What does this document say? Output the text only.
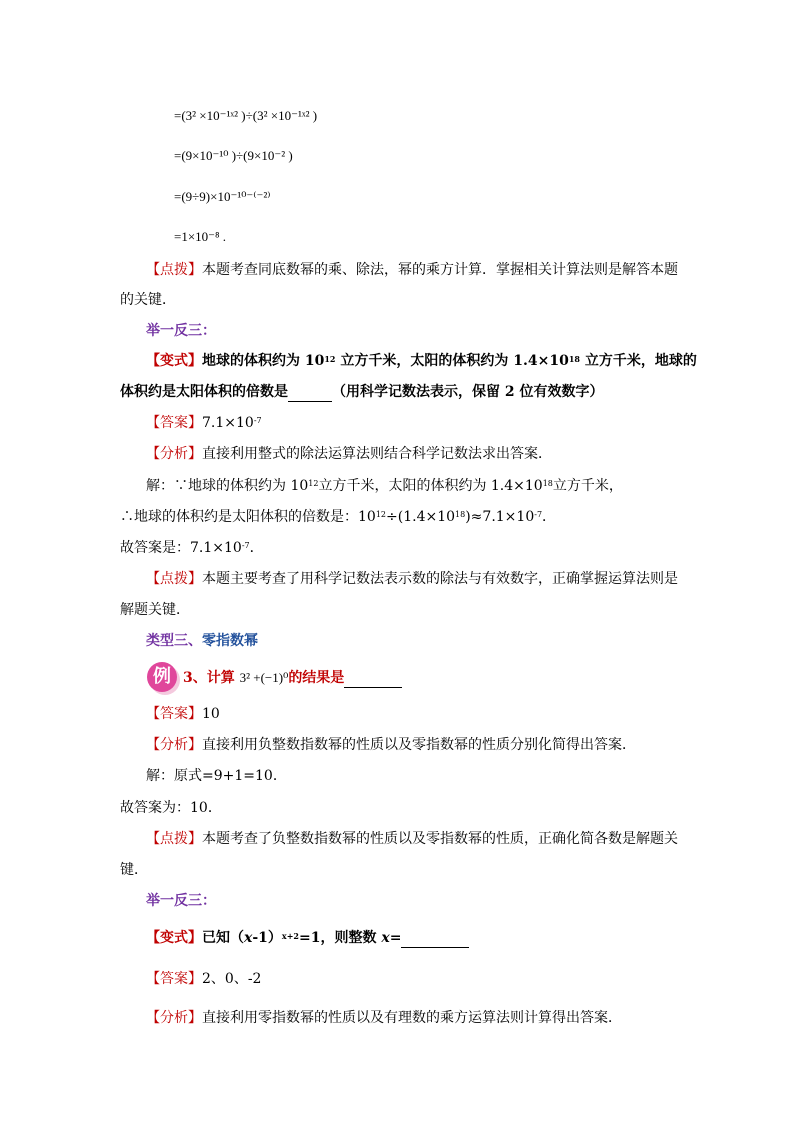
=(3² ×10⁻¹ˣ² )÷(3² ×10⁻¹ˣ² )
=(9×10⁻¹⁰ )÷(9×10⁻² )
=(9÷9)×10⁻¹⁰⁻⁽⁻²⁾
=1×10⁻⁸ .
【点拨】本题考查同底数幂的乘、除法，幂的乘方计算．掌握相关计算法则是解答本题
的关键．
举一反三：
【变式】地球的体积约为 $10^{12}$ 立方千米，太阳的体积约为 $1.4\times 10^{18}$ 立方千米，地球的
体积约是太阳体积的倍数是	（用科学记数法表示，保留 2 位有效数字）
【答案】$7.1\times 10^{-7}$
【分析】直接利用整式的除法运算法则结合科学记数法求出答案．
解：∵地球的体积约为 $10^{12}$立方千米，太阳的体积约为 $1.4\times 10^{18}$立方千米，
∴地球的体积约是太阳体积的倍数是：$10^{12}\div(1.4\times 10^{18})\approx 7.1\times 10^{-7}$．
故答案是：$7.1\times 10^{-7}$．
【点拨】本题主要考查了用科学记数法表示数的除法与有效数字，正确掌握运算法则是
解题关键．
类型三、零指数幂
例 3、计算 3² +(−1)⁰的结果是
【答案】10
【分析】直接利用负整数指数幂的性质以及零指数幂的性质分别化简得出答案．
解：原式=9+1=10．
故答案为：10．
【点拨】本题考查了负整数指数幂的性质以及零指数幂的性质，正确化简各数是解题关
键．
举一反三：
【变式】已知$(x-1)^{x+2}=1$，则整数 x=
【答案】2、0、-2
【分析】直接利用零指数幂的性质以及有理数的乘方运算法则计算得出答案．
